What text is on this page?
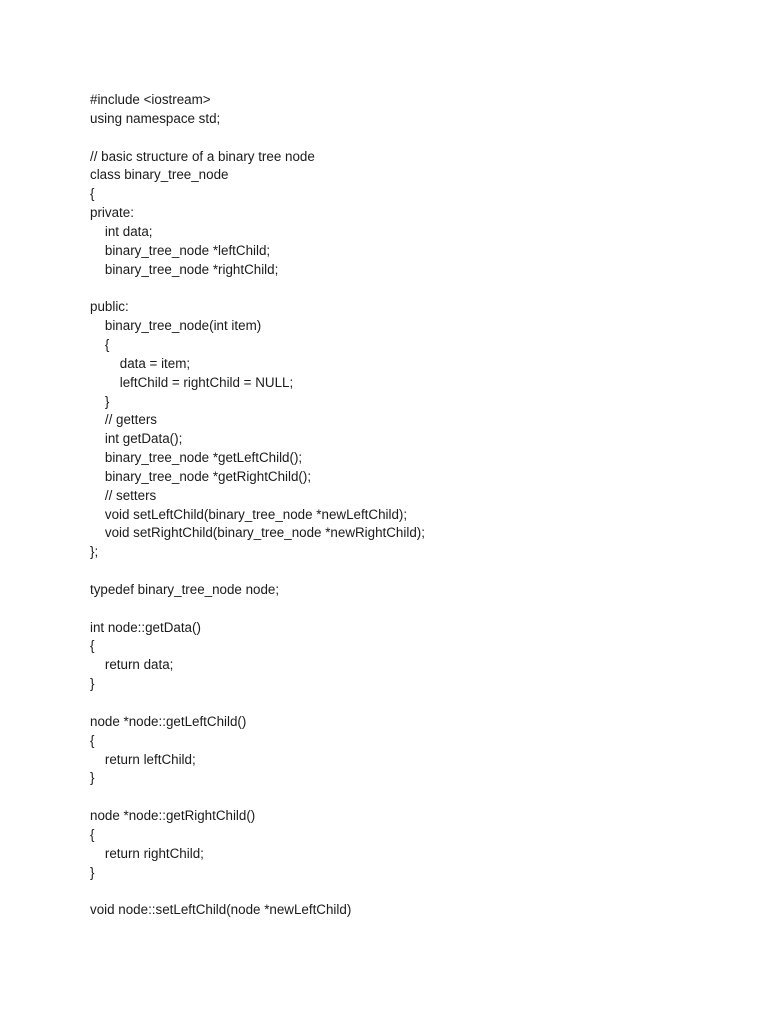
#include <iostream>
using namespace std;
// basic structure of a binary tree node
class binary_tree_node
{
private:
int data;
binary_tree_node *leftChild;
binary_tree_node *rightChild;
public:
binary_tree_node(int item)
{
data = item;
leftChild = rightChild = NULL;
}
// getters
int getData();
binary_tree_node *getLeftChild();
binary_tree_node *getRightChild();
// setters
void setLeftChild(binary_tree_node *newLeftChild);
void setRightChild(binary_tree_node *newRightChild);
};
typedef binary_tree_node node;
int node::getData()
{
return data;
}
node *node::getLeftChild()
{
return leftChild;
}
node *node::getRightChild()
{
return rightChild;
}
void node::setLeftChild(node *newLeftChild)
